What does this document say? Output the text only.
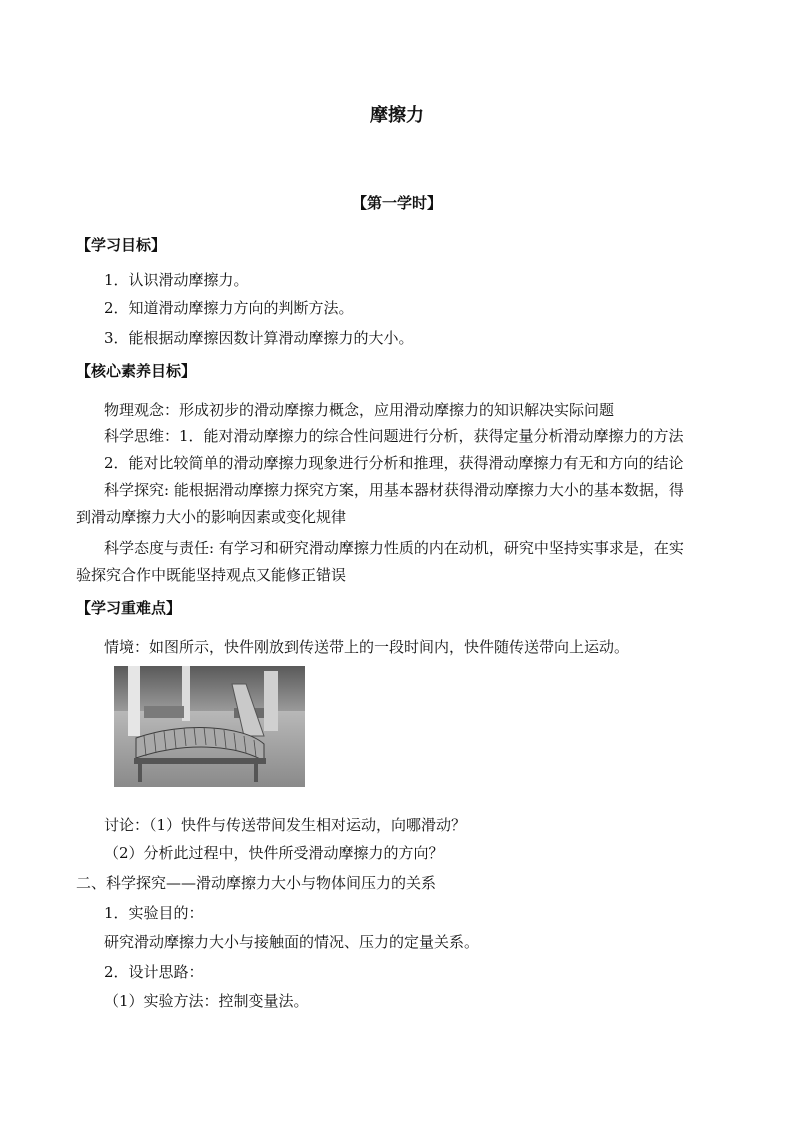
摩擦力
【第一学时】
【学习目标】
1．认识滑动摩擦力。
2．知道滑动摩擦力方向的判断方法。
3．能根据动摩擦因数计算滑动摩擦力的大小。
【核心素养目标】
物理观念：形成初步的滑动摩擦力概念，应用滑动摩擦力的知识解决实际问题
科学思维：1．能对滑动摩擦力的综合性问题进行分析，获得定量分析滑动摩擦力的方法
2．能对比较简单的滑动摩擦力现象进行分析和推理，获得滑动摩擦力有无和方向的结论
科学探究: 能根据滑动摩擦力探究方案，用基本器材获得滑动摩擦力大小的基本数据，得
到滑动摩擦力大小的影响因素或变化规律
科学态度与责任: 有学习和研究滑动摩擦力性质的内在动机，研究中坚持实事求是，在实
验探究合作中既能坚持观点又能修正错误
【学习重难点】
情境：如图所示，快件刚放到传送带上的一段时间内，快件随传送带向上运动。
讨论：（1）快件与传送带间发生相对运动，向哪滑动？
（2）分析此过程中，快件所受滑动摩擦力的方向？
二、科学探究——滑动摩擦力大小与物体间压力的关系
1．实验目的：
研究滑动摩擦力大小与接触面的情况、压力的定量关系。
2．设计思路：
（1）实验方法：控制变量法。
